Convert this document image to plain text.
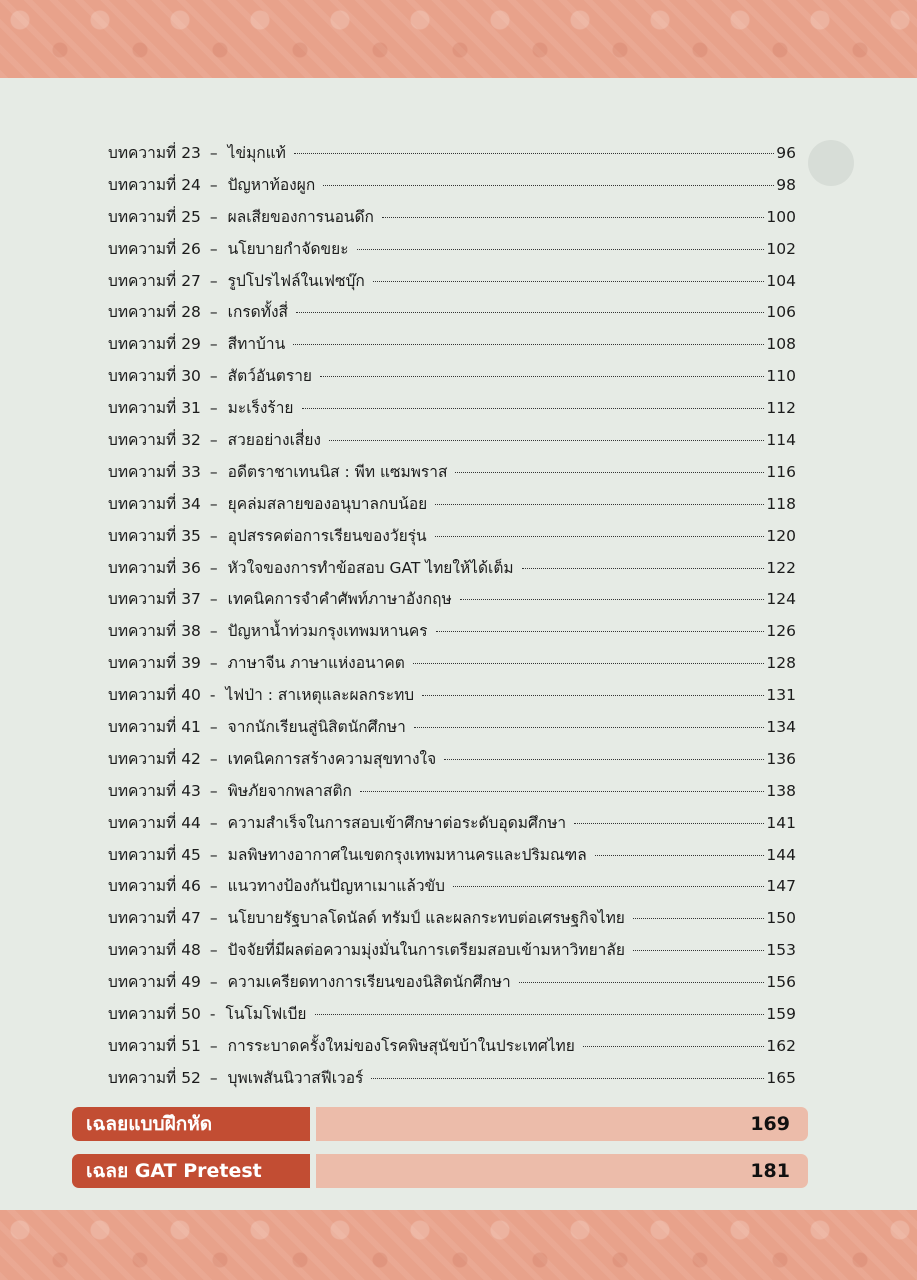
บทความที่ 23 – ไข่มุกแท้	96
บทความที่ 24 – ปัญหาท้องผูก	98
บทความที่ 25 – ผลเสียของการนอนดึก	100
บทความที่ 26 – นโยบายกำจัดขยะ	102
บทความที่ 27 – รูปโปรไฟล์ในเฟซบุ๊ก	104
บทความที่ 28 – เกรดทั้งสี่	106
บทความที่ 29 – สีทาบ้าน	108
บทความที่ 30 – สัตว์อันตราย	110
บทความที่ 31 – มะเร็งร้าย	112
บทความที่ 32 – สวยอย่างเสี่ยง	114
บทความที่ 33 – อดีตราชาเทนนิส : พีท แซมพราส	116
บทความที่ 34 – ยุคล่มสลายของอนุบาลกบน้อย	118
บทความที่ 35 – อุปสรรคต่อการเรียนของวัยรุ่น	120
บทความที่ 36 – หัวใจของการทำข้อสอบ GAT ไทยให้ได้เต็ม	122
บทความที่ 37 – เทคนิคการจำคำศัพท์ภาษาอังกฤษ	124
บทความที่ 38 – ปัญหาน้ำท่วมกรุงเทพมหานคร	126
บทความที่ 39 – ภาษาจีน ภาษาแห่งอนาคต	128
บทความที่ 40 - ไฟป่า : สาเหตุและผลกระทบ	131
บทความที่ 41 – จากนักเรียนสู่นิสิตนักศึกษา	134
บทความที่ 42 – เทคนิคการสร้างความสุขทางใจ	136
บทความที่ 43 – พิษภัยจากพลาสติก	138
บทความที่ 44 – ความสำเร็จในการสอบเข้าศึกษาต่อระดับอุดมศึกษา	141
บทความที่ 45 – มลพิษทางอากาศในเขตกรุงเทพมหานครและปริมณฑล	144
บทความที่ 46 – แนวทางป้องกันปัญหาเมาแล้วขับ	147
บทความที่ 47 – นโยบายรัฐบาลโดนัลด์ ทรัมป์ และผลกระทบต่อเศรษฐกิจไทย	150
บทความที่ 48 – ปัจจัยที่มีผลต่อความมุ่งมั่นในการเตรียมสอบเข้ามหาวิทยาลัย	153
บทความที่ 49 – ความเครียดทางการเรียนของนิสิตนักศึกษา	156
บทความที่ 50 - โนโมโฟเบีย	159
บทความที่ 51 – การระบาดครั้งใหม่ของโรคพิษสุนัขบ้าในประเทศไทย	162
บทความที่ 52 – บุพเพสันนิวาสฟีเวอร์	165
เฉลยแบบฝึกหัด	169
เฉลย GAT Pretest	181
